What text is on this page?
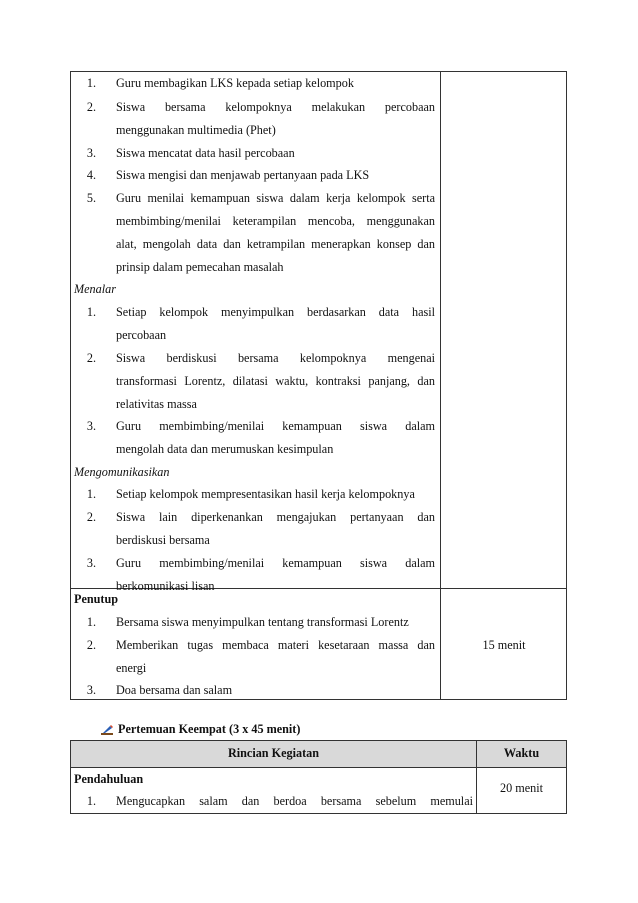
1. Guru membagikan LKS kepada setiap kelompok
2. Siswa bersama kelompoknya melakukan percobaan
menggunakan multimedia (Phet)
3. Siswa mencatat data hasil percobaan
4. Siswa mengisi dan menjawab pertanyaan pada LKS
5. Guru menilai kemampuan siswa dalam kerja kelompok serta
membimbing/menilai keterampilan mencoba, menggunakan
alat, mengolah data dan ketrampilan menerapkan konsep dan
prinsip dalam pemecahan masalah
Menalar
1. Setiap kelompok menyimpulkan berdasarkan data hasil
percobaan
2. Siswa berdiskusi bersama kelompoknya mengenai
transformasi Lorentz, dilatasi waktu, kontraksi panjang, dan
relativitas massa
3. Guru membimbing/menilai kemampuan siswa dalam
mengolah data dan merumuskan kesimpulan
Mengomunikasikan
1. Setiap kelompok mempresentasikan hasil kerja kelompoknya
2. Siswa lain diperkenankan mengajukan pertanyaan dan
berdiskusi bersama
3. Guru membimbing/menilai kemampuan siswa dalam
berkomunikasi lisan
Penutup
1. Bersama siswa menyimpulkan tentang transformasi Lorentz
2. Memberikan tugas membaca materi kesetaraan massa dan
energi
3. Doa bersama dan salam
15 menit
Pertemuan Keempat (3 x 45 menit)
Rincian Kegiatan	Waktu
Pendahuluan
1. Mengucapkan salam dan berdoa bersama sebelum memulai
20 menit
